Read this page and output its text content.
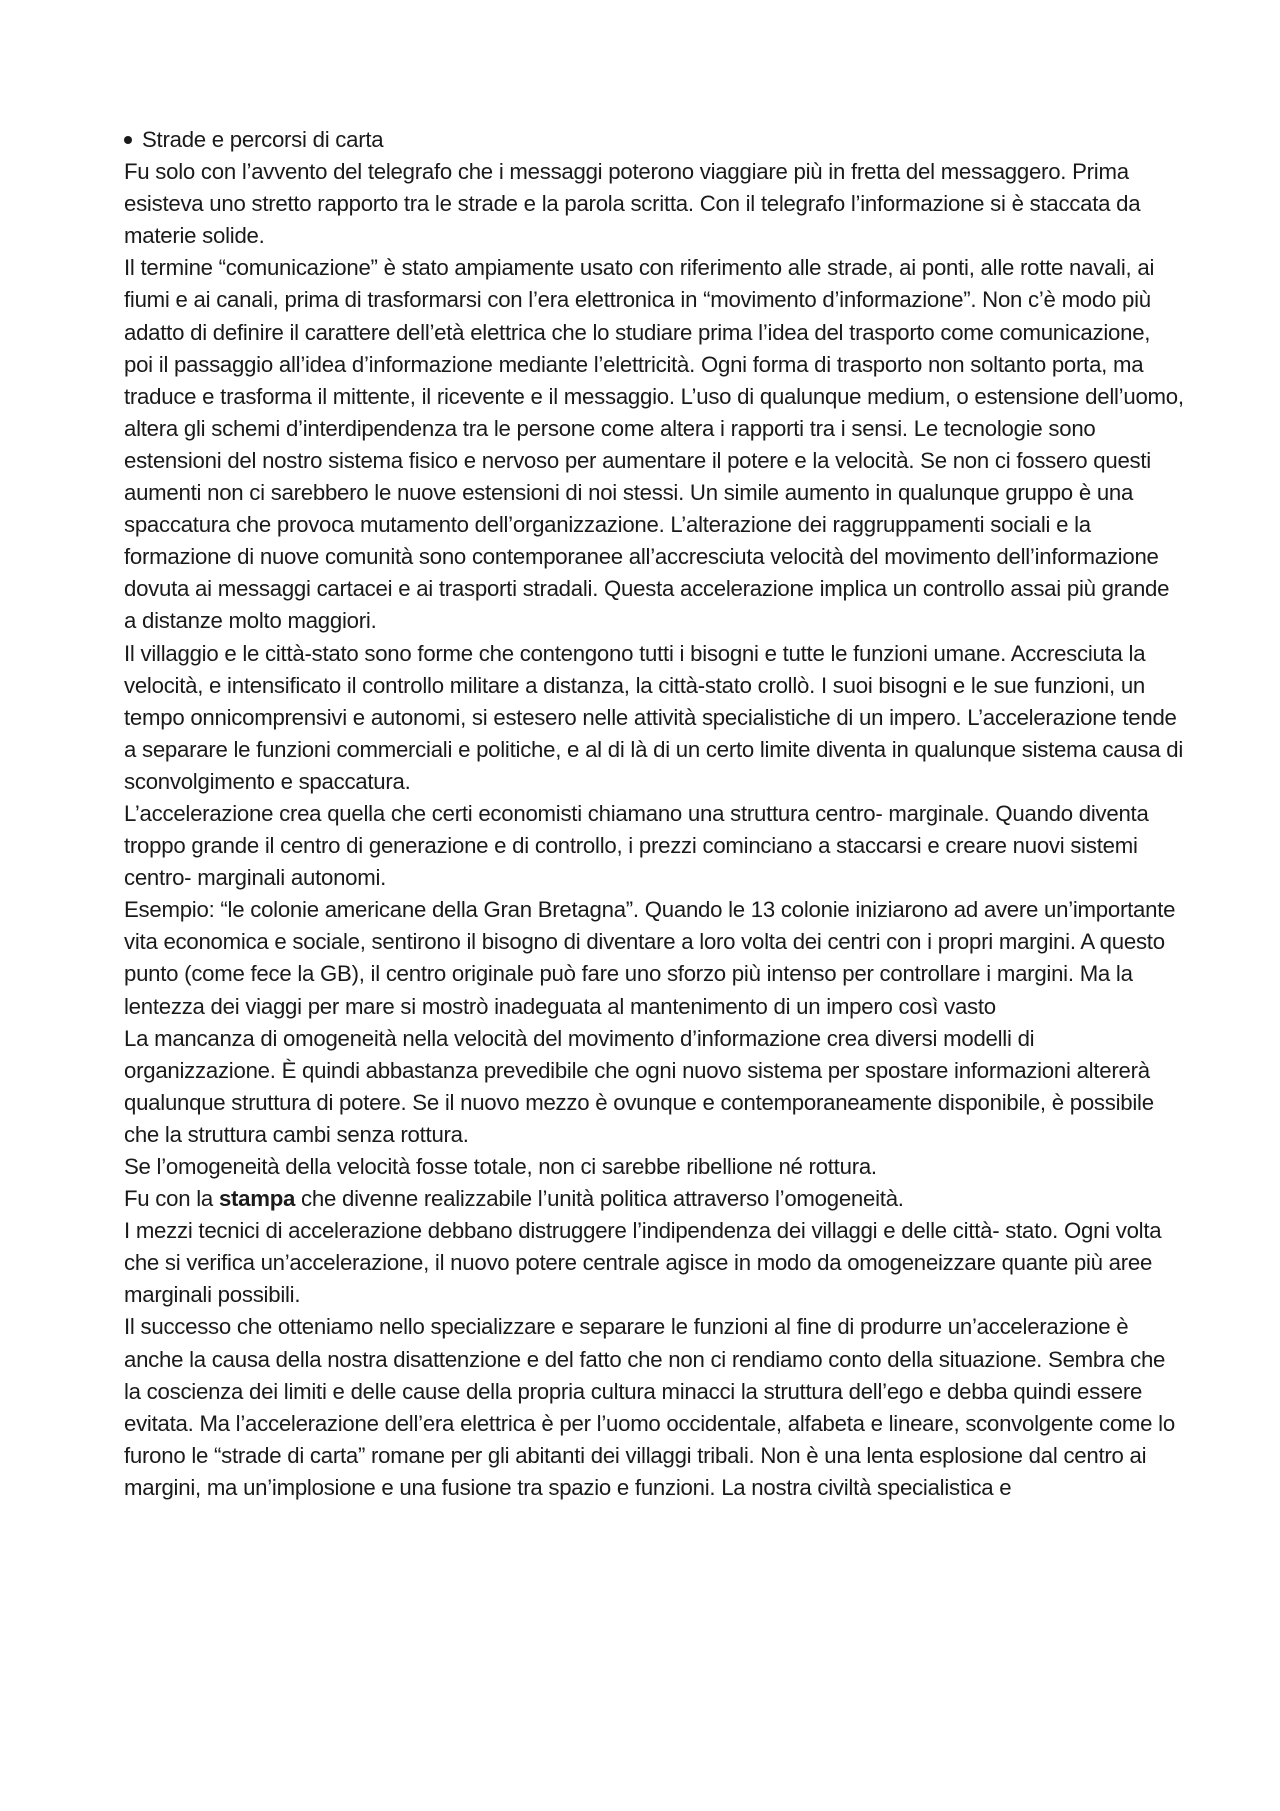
Strade e percorsi di carta

Fu solo con l’avvento del telegrafo che i messaggi poterono viaggiare più in fretta del messaggero. Prima esisteva uno stretto rapporto tra le strade e la parola scritta. Con il telegrafo l’informazione si è staccata da materie solide.

Il termine “comunicazione” è stato ampiamente usato con riferimento alle strade, ai ponti, alle rotte navali, ai fiumi e ai canali, prima di trasformarsi con l’era elettronica in “movimento d’informazione”. Non c’è modo più adatto di definire il carattere dell’età elettrica che lo studiare prima l’idea del trasporto come comunicazione, poi il passaggio all’idea d’informazione mediante l’elettricità. Ogni forma di trasporto non soltanto porta, ma traduce e trasforma il mittente, il ricevente e il messaggio. L’uso di qualunque medium, o estensione dell’uomo, altera gli schemi d’interdipendenza tra le persone come altera i rapporti tra i sensi. Le tecnologie sono estensioni del nostro sistema fisico e nervoso per aumentare il potere e la velocità. Se non ci fossero questi aumenti non ci sarebbero le nuove estensioni di noi stessi. Un simile aumento in qualunque gruppo è una spaccatura che provoca mutamento dell’organizzazione. L’alterazione dei raggruppamenti sociali e la formazione di nuove comunità sono contemporanee all’accresciuta velocità del movimento dell’informazione dovuta ai messaggi cartacei e ai trasporti stradali. Questa accelerazione implica un controllo assai più grande a distanze molto maggiori.

Il villaggio e le città-stato sono forme che contengono tutti i bisogni e tutte le funzioni umane. Accresciuta la velocità, e intensificato il controllo militare a distanza, la città-stato crollò. I suoi bisogni e le sue funzioni, un tempo onnicomprensivi e autonomi, si estesero nelle attività specialistiche di un impero. L’accelerazione tende a separare le funzioni commerciali e politiche, e al di là di un certo limite diventa in qualunque sistema causa di sconvolgimento e spaccatura.

L’accelerazione crea quella che certi economisti chiamano una struttura centro- marginale. Quando diventa troppo grande il centro di generazione e di controllo, i prezzi cominciano a staccarsi e creare nuovi sistemi centro- marginali autonomi.

Esempio: “le colonie americane della Gran Bretagna”. Quando le 13 colonie iniziarono ad avere un’importante vita economica e sociale, sentirono il bisogno di diventare a loro volta dei centri con i propri margini. A questo punto (come fece la GB), il centro originale può fare uno sforzo più intenso per controllare i margini. Ma la lentezza dei viaggi per mare si mostrò inadeguata al mantenimento di un impero così vasto

La mancanza di omogeneità nella velocità del movimento d’informazione crea diversi modelli di organizzazione. È quindi abbastanza prevedibile che ogni nuovo sistema per spostare informazioni altererà qualunque struttura di potere. Se il nuovo mezzo è ovunque e contemporaneamente disponibile, è possibile che la struttura cambi senza rottura.

Se l’omogeneità della velocità fosse totale, non ci sarebbe ribellione né rottura.

Fu con la stampa che divenne realizzabile l’unità politica attraverso l’omogeneità.

I mezzi tecnici di accelerazione debbano distruggere l’indipendenza dei villaggi e delle città- stato. Ogni volta che si verifica un’accelerazione, il nuovo potere centrale agisce in modo da omogeneizzare quante più aree marginali possibili.

Il successo che otteniamo nello specializzare e separare le funzioni al fine di produrre un’accelerazione è anche la causa della nostra disattenzione e del fatto che non ci rendiamo conto della situazione. Sembra che la coscienza dei limiti e delle cause della propria cultura minacci la struttura dell’ego e debba quindi essere evitata. Ma l’accelerazione dell’era elettrica è per l’uomo occidentale, alfabeta e lineare, sconvolgente come lo furono le “strade di carta” romane per gli abitanti dei villaggi tribali. Non è una lenta esplosione dal centro ai margini, ma un’implosione e una fusione tra spazio e funzioni. La nostra civiltà specialistica e
